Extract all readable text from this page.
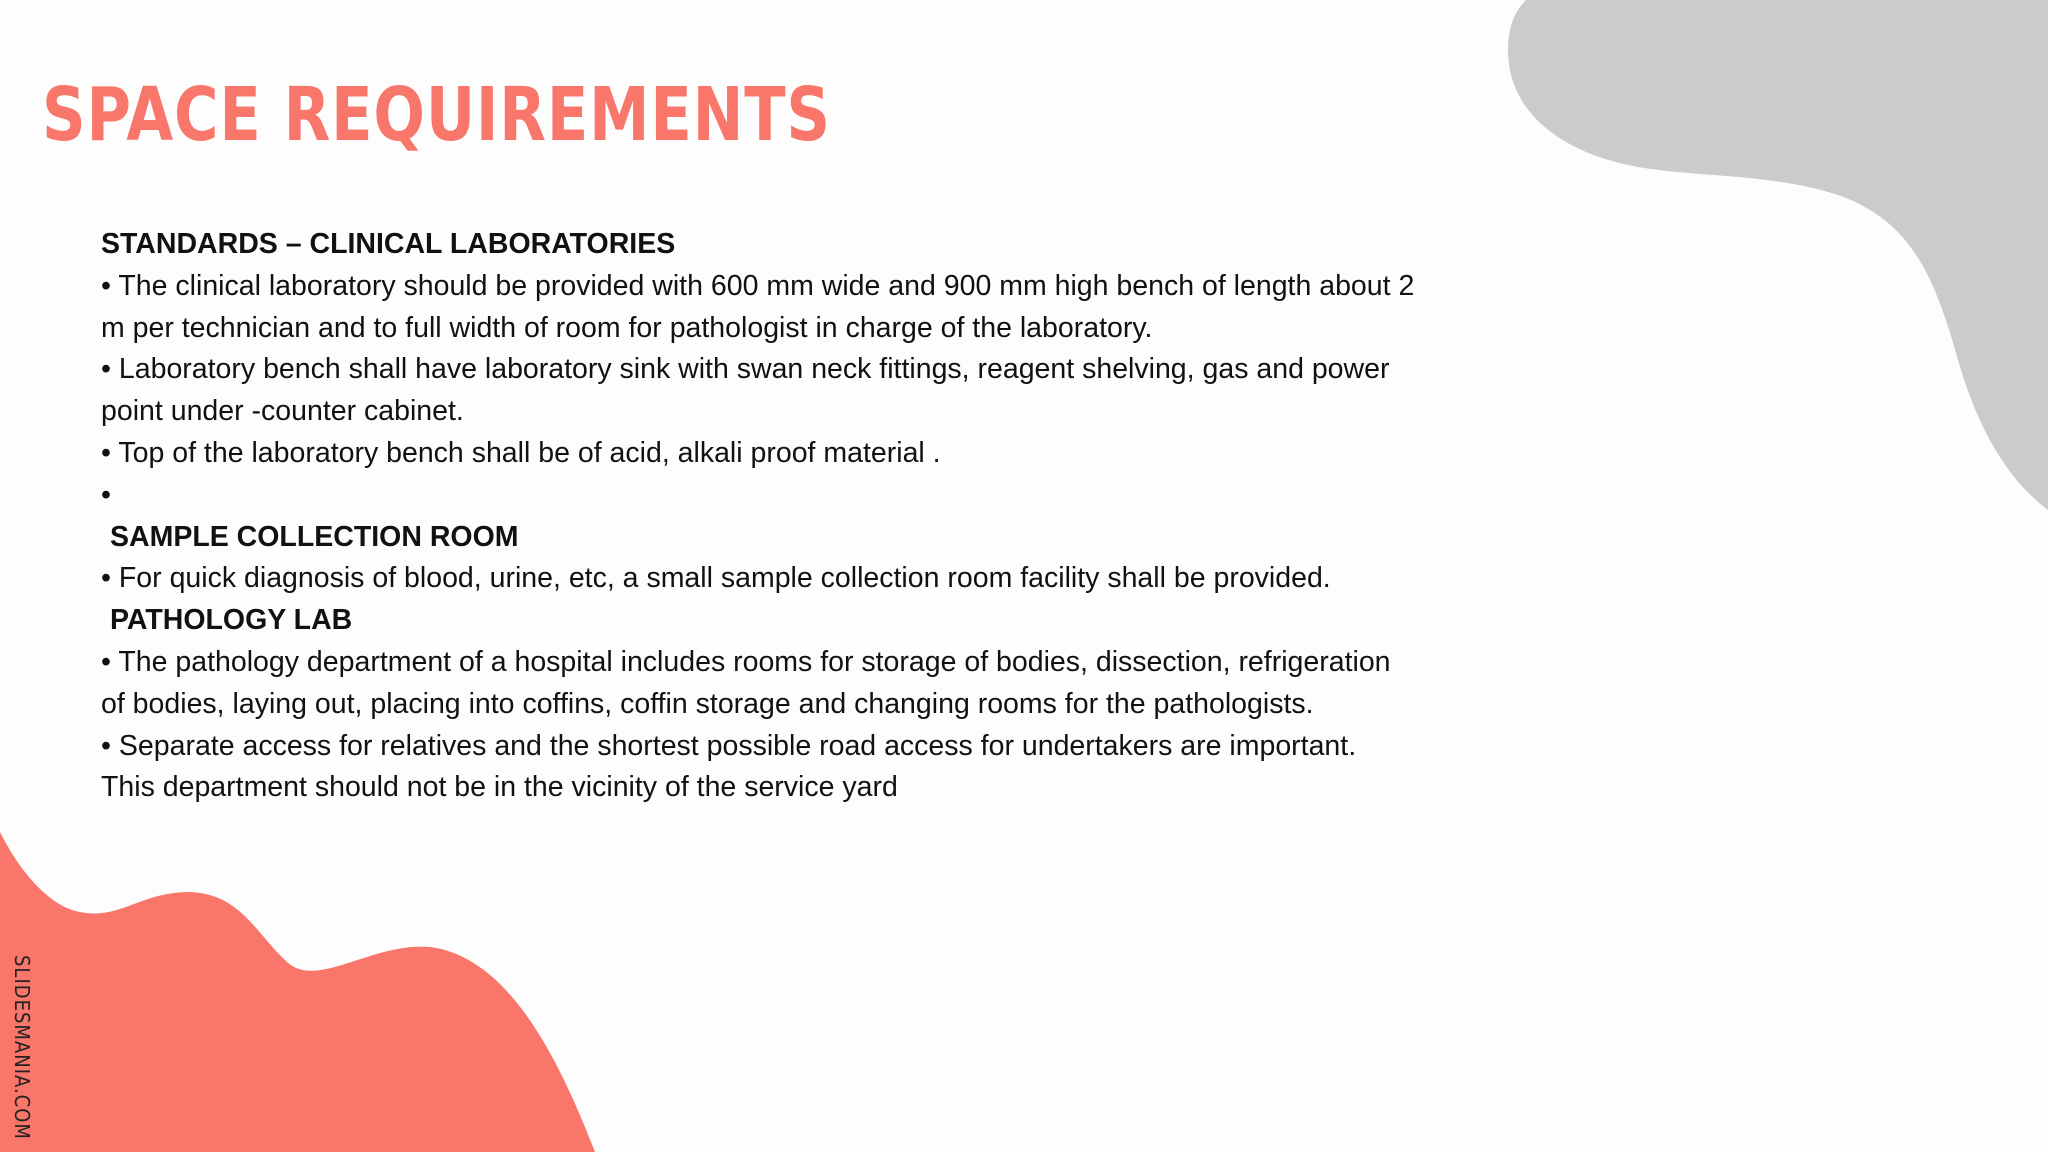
SPACE REQUIREMENTS
STANDARDS – CLINICAL LABORATORIES
• The clinical laboratory should be provided with 600 mm wide and 900 mm high bench of length about 2
m per technician and to full width of room for pathologist in charge of the laboratory.
• Laboratory bench shall have laboratory sink with swan neck fittings, reagent shelving, gas and power
point under -counter cabinet.
• Top of the laboratory bench shall be of acid, alkali proof material .
•
SAMPLE COLLECTION ROOM
• For quick diagnosis of blood, urine, etc, a small sample collection room facility shall be provided.
PATHOLOGY LAB
• The pathology department of a hospital includes rooms for storage of bodies, dissection, refrigeration
of bodies, laying out, placing into coffins, coffin storage and changing rooms for the pathologists.
• Separate access for relatives and the shortest possible road access for undertakers are important.
This department should not be in the vicinity of the service yard
SLIDESMANIA.COM
